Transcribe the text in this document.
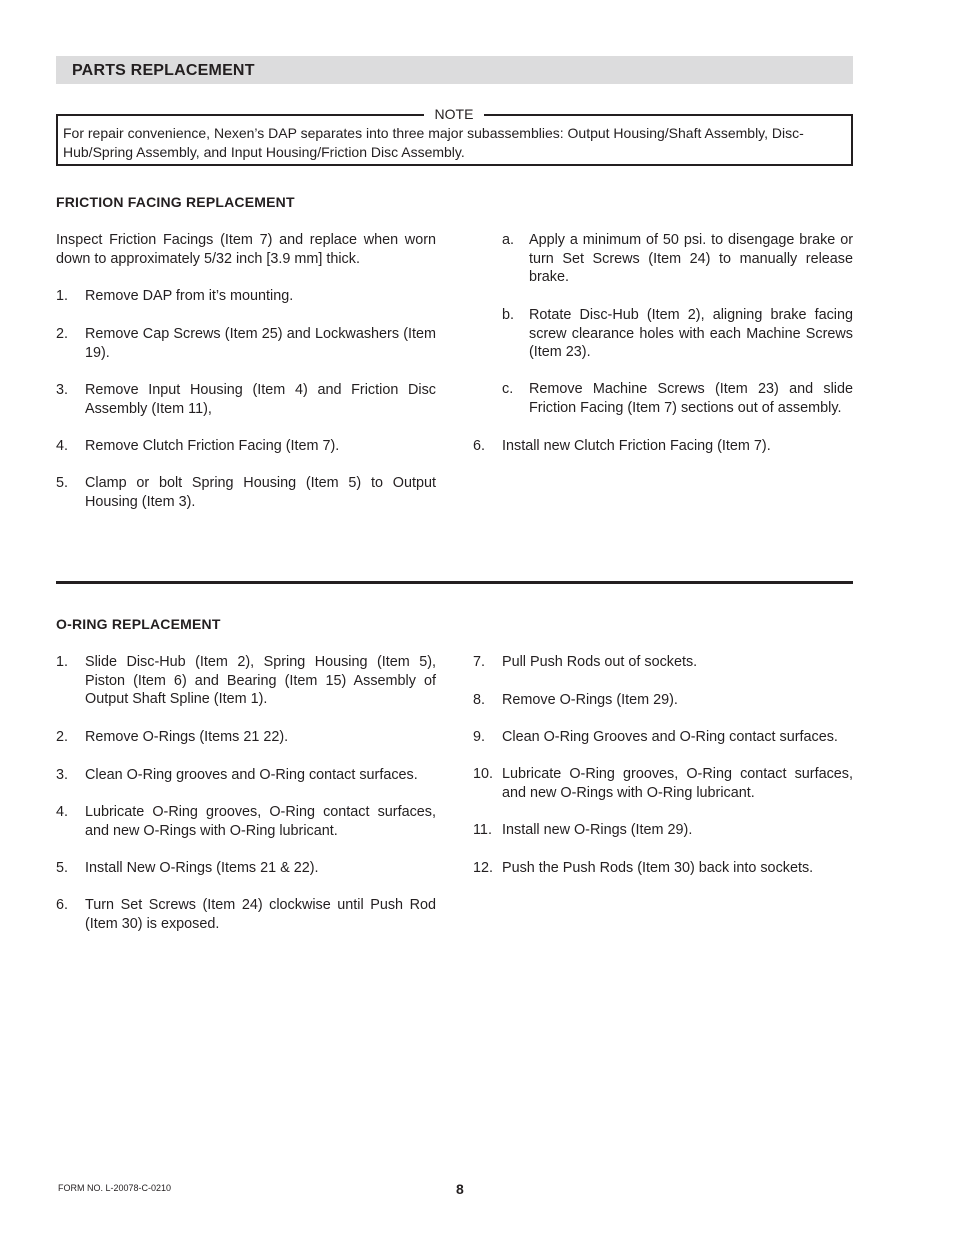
PARTS REPLACEMENT
NOTE
For repair convenience, Nexen’s DAP separates into three major subassemblies: Output Housing/Shaft Assembly, Disc-Hub/Spring Assembly, and Input Housing/Friction Disc Assembly.
FRICTION FACING REPLACEMENT
Inspect Friction Facings (Item 7) and replace when worn down to approximately 5/32 inch [3.9 mm] thick.
1. Remove DAP from it’s mounting.
2. Remove Cap Screws (Item 25) and Lockwashers (Item 19).
3. Remove Input Housing (Item 4) and Friction Disc Assembly (Item 11),
4. Remove Clutch Friction Facing (Item 7).
5. Clamp or bolt Spring Housing (Item 5) to Output Housing (Item 3).
a. Apply a minimum of 50 psi. to disengage brake or turn Set Screws (Item 24) to manually release brake.
b. Rotate Disc-Hub (Item 2), aligning brake facing screw clearance holes with each Machine Screws (Item 23).
c. Remove Machine Screws (Item 23) and slide Friction Facing (Item 7) sections out of assembly.
6. Install new Clutch Friction Facing (Item 7).
O-RING REPLACEMENT
1. Slide Disc-Hub (Item 2), Spring Housing (Item 5), Piston (Item 6) and Bearing (Item 15) Assembly of Output Shaft Spline (Item 1).
2. Remove O-Rings (Items 21 22).
3. Clean O-Ring grooves and O-Ring contact surfaces.
4. Lubricate O-Ring grooves, O-Ring contact surfaces, and new O-Rings with O-Ring lubricant.
5. Install New O-Rings (Items 21 & 22).
6. Turn Set Screws (Item 24) clockwise until Push Rod (Item 30) is exposed.
7. Pull Push Rods out of sockets.
8. Remove O-Rings (Item 29).
9. Clean O-Ring Grooves and O-Ring contact surfaces.
10. Lubricate O-Ring grooves, O-Ring contact surfaces, and new O-Rings with O-Ring lubricant.
11. Install new O-Rings (Item 29).
12. Push the Push Rods (Item 30) back into sockets.
FORM NO. L-20078-C-0210	8
